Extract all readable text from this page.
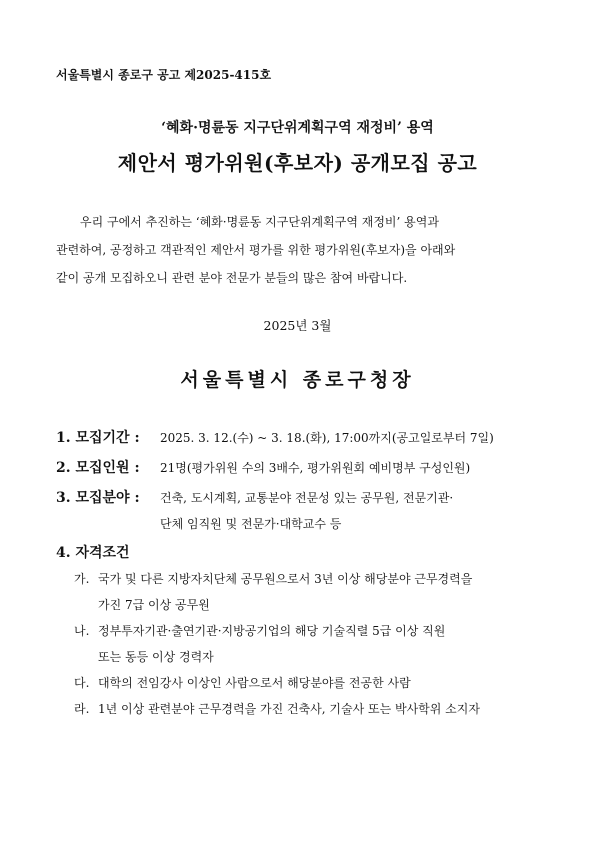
서울특별시 종로구 공고 제2025-415호
‘혜화·명륜동 지구단위계획구역 재정비’ 용역
제안서 평가위원(후보자) 공개모집 공고
우리 구에서 추진하는 ‘혜화·명륜동 지구단위계획구역 재정비’ 용역과
관련하여, 공정하고 객관적인 제안서 평가를 위한 평가위원(후보자)을 아래와
같이 공개 모집하오니 관련 분야 전문가 분들의 많은 참여 바랍니다.
2025년 3월
서울특별시 종로구청장
1. 모집기간 : 2025. 3. 12.(수) ~ 3. 18.(화), 17:00까지(공고일로부터 7일)
2. 모집인원 : 21명(평가위원 수의 3배수, 평가위원회 예비명부 구성인원)
3. 모집분야 : 건축, 도시계획, 교통분야 전문성 있는 공무원, 전문기관·
단체 임직원 및 전문가·대학교수 등
4. 자격조건
가. 국가 및 다른 지방자치단체 공무원으로서 3년 이상 해당분야 근무경력을
가진 7급 이상 공무원
나. 정부투자기관·출연기관·지방공기업의 해당 기술직렬 5급 이상 직원
또는 동등 이상 경력자
다. 대학의 전임강사 이상인 사람으로서 해당분야를 전공한 사람
라. 1년 이상 관련분야 근무경력을 가진 건축사, 기술사 또는 박사학위 소지자
